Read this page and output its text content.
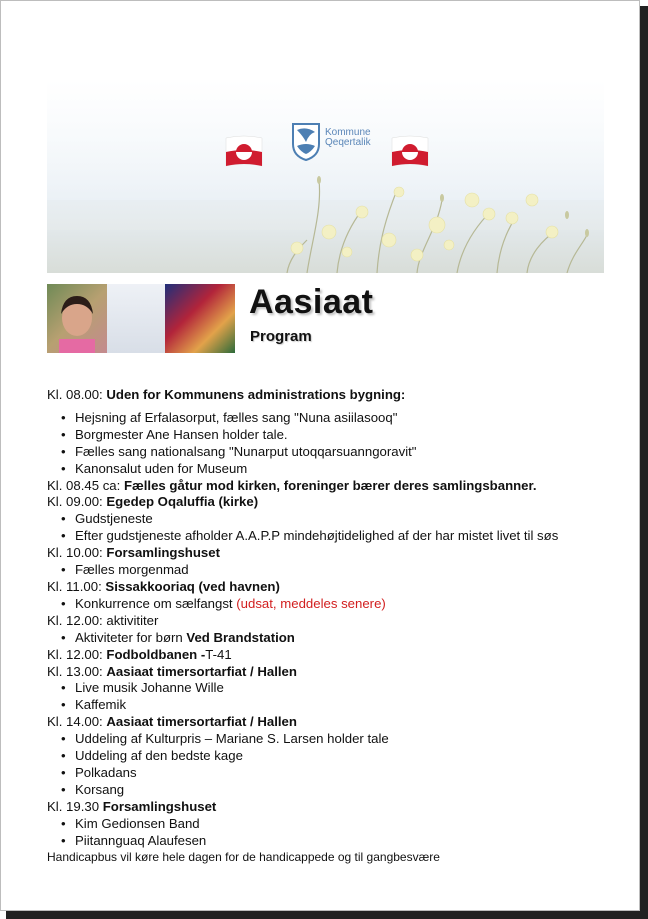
Kommune
Qeqertalik
Aasiaat
Program
Kl. 08.00: Uden for Kommunens administrations bygning:
• Hejsning af Erfalasorput, fælles sang "Nuna asiilasooq"
• Borgmester Ane Hansen holder tale.
• Fælles sang nationalsang "Nunarput utoqqarsuanngoravit"
• Kanonsalut uden for Museum
Kl. 08.45 ca: Fælles gåtur mod kirken, foreninger bærer deres samlingsbanner.
Kl. 09.00: Egedep Oqaluffia (kirke)
• Gudstjeneste
• Efter gudstjeneste afholder A.A.P.P mindehøjtidelighed af der har mistet livet til søs
Kl. 10.00: Forsamlingshuset
• Fælles morgenmad
Kl. 11.00: Sissakkooriaq (ved havnen)
• Konkurrence om sælfangst (udsat, meddeles senere)
Kl. 12.00: aktivititer
• Aktiviteter for børn Ved Brandstation
Kl. 12.00: Fodboldbanen -T-41
Kl. 13.00: Aasiaat timersortarfiat / Hallen
• Live musik Johanne Wille
• Kaffemik
Kl. 14.00: Aasiaat timersortarfiat / Hallen
• Uddeling af Kulturpris – Mariane S. Larsen holder tale
• Uddeling af den bedste kage
• Polkadans
• Korsang
Kl. 19.30 Forsamlingshuset
• Kim Gedionsen Band
• Piitannguaq Alaufesen
Handicapbus vil køre hele dagen for de handicappede og til gangbesvære
